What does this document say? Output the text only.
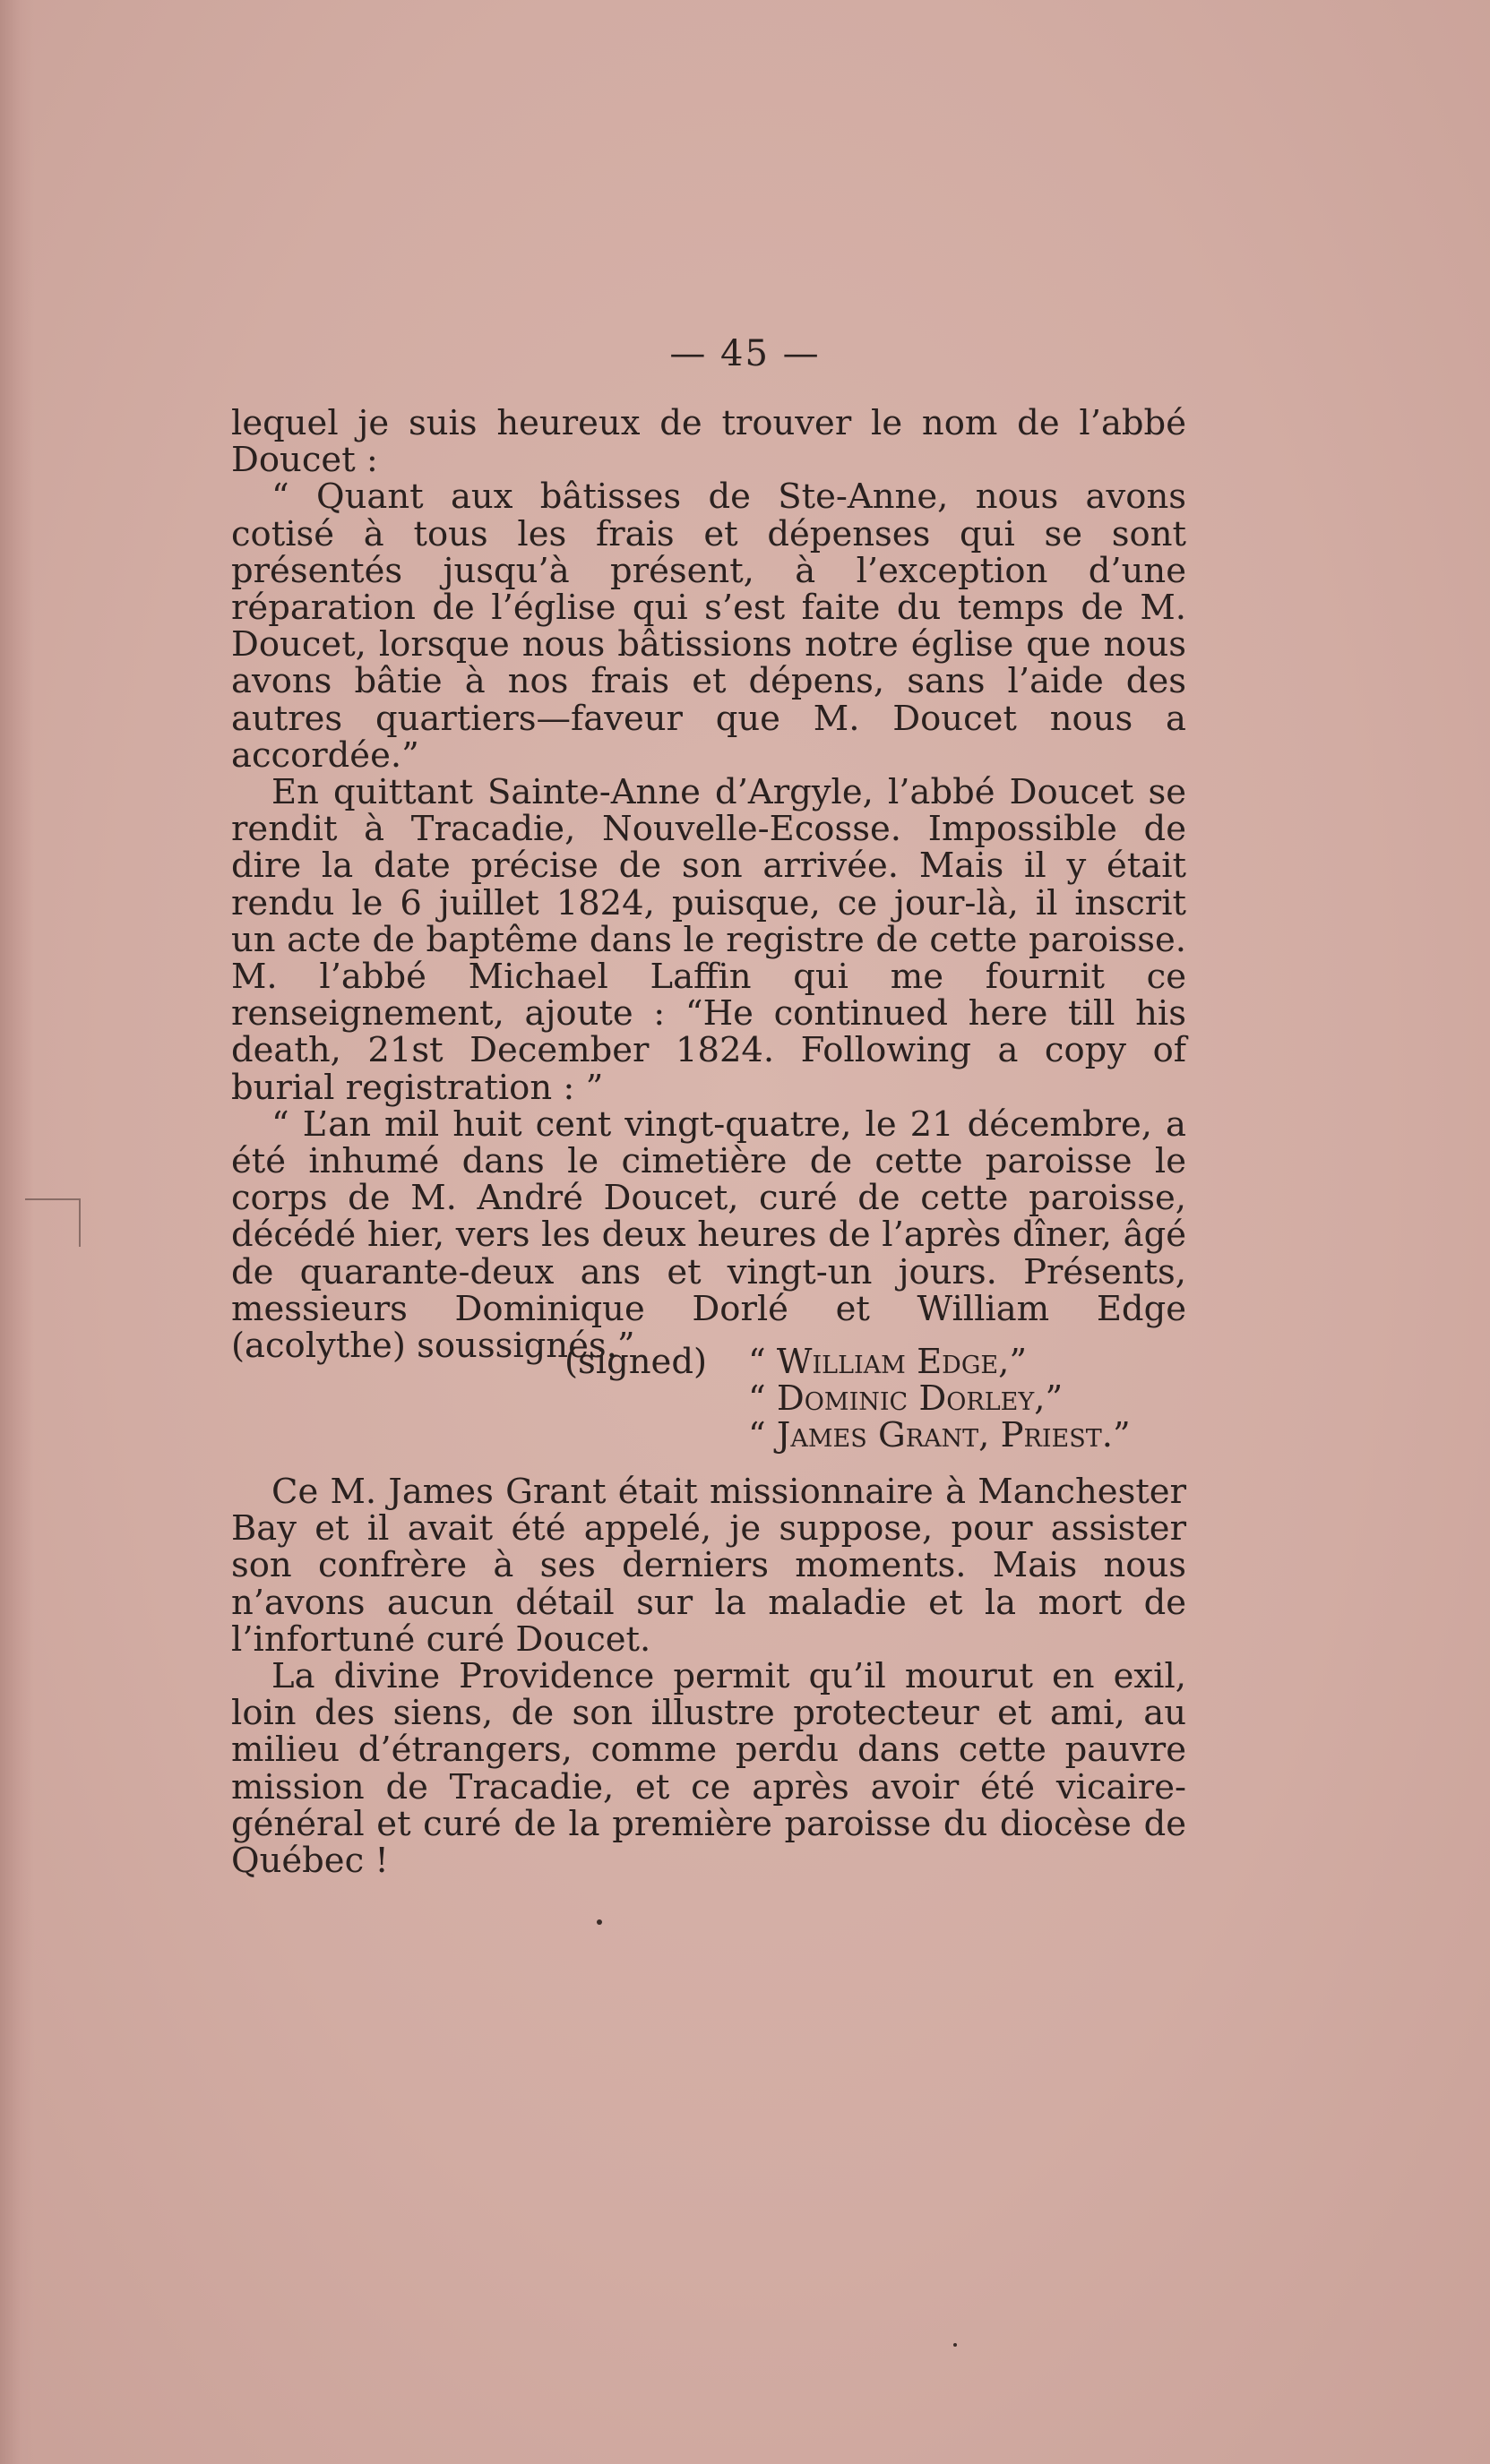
— 45 —

lequel je suis heureux de trouver le nom de l’abbé Doucet :

“ Quant aux bâtisses de Ste-Anne, nous avons cotisé à tous les frais et dépenses qui se sont présentés jusqu’à présent, à l’exception d’une réparation de l’église qui s’est faite du temps de M. Doucet, lorsque nous bâtissions notre église que nous avons bâtie à nos frais et dépens, sans l’aide des autres quartiers—faveur que M. Doucet nous a accordée.”

En quittant Sainte-Anne d’Argyle, l’abbé Doucet se rendit à Tracadie, Nouvelle-Ecosse. Impossible de dire la date précise de son arrivée. Mais il y était rendu le 6 juillet 1824, puisque, ce jour-là, il inscrit un acte de baptême dans le registre de cette paroisse. M. l’abbé Michael Laffin qui me fournit ce renseignement, ajoute : “He continued here till his death, 21st December 1824. Following a copy of burial registration : ”

“ L’an mil huit cent vingt-quatre, le 21 décembre, a été inhumé dans le cimetière de cette paroisse le corps de M. André Doucet, curé de cette paroisse, décédé hier, vers les deux heures de l’après dîner, âgé de quarante-deux ans et vingt-un jours. Présents, messieurs Dominique Dorlé et William Edge (acolythe) soussignés.”

(signed) “ William Edge,”
“ Dominic Dorley,”
“ James Grant, Priest.”

Ce M. James Grant était missionnaire à Manchester Bay et il avait été appelé, je suppose, pour assister son confrère à ses derniers moments. Mais nous n’avons aucun détail sur la maladie et la mort de l’infortuné curé Doucet.

La divine Providence permit qu’il mourut en exil, loin des siens, de son illustre protecteur et ami, au milieu d’étrangers, comme perdu dans cette pauvre mission de Tracadie, et ce après avoir été vicaire-général et curé de la première paroisse du diocèse de Québec !
